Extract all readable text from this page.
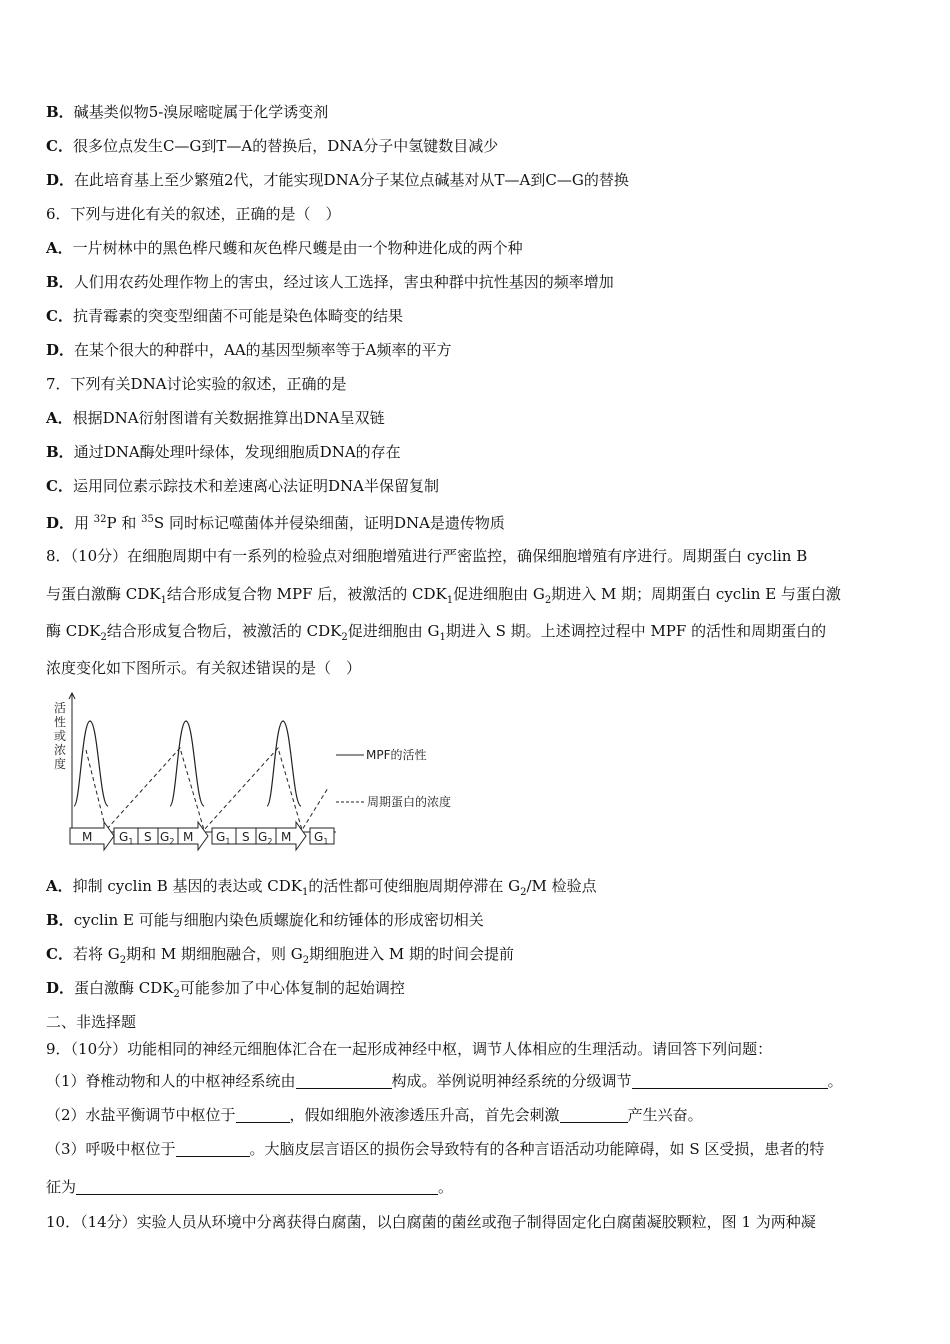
B．碱基类似物5-溴尿嘧啶属于化学诱变剂
C．很多位点发生C—G到T—A的替换后，DNA分子中氢键数目减少
D．在此培育基上至少繁殖2代，才能实现DNA分子某位点碱基对从T—A到C—G的替换
6．下列与进化有关的叙述，正确的是（　）
A．一片树林中的黑色桦尺蠖和灰色桦尺蠖是由一个物种进化成的两个种
B．人们用农药处理作物上的害虫，经过该人工选择，害虫种群中抗性基因的频率增加
C．抗青霉素的突变型细菌不可能是染色体畸变的结果
D．在某个很大的种群中，AA的基因型频率等于A频率的平方
7．下列有关DNA讨论实验的叙述，正确的是
A．根据DNA衍射图谱有关数据推算出DNA呈双链
B．通过DNA酶处理叶绿体，发现细胞质DNA的存在
C．运用同位素示踪技术和差速离心法证明DNA半保留复制
D．用 $^{32}$P 和 $^{35}$S 同时标记噬菌体并侵染细菌，证明DNA是遗传物质
8．（10分）在细胞周期中有一系列的检验点对细胞增殖进行严密监控，确保细胞增殖有序进行。周期蛋白 cyclin B
与蛋白激酶 $CDK_1$结合形成复合物 MPF 后，被激活的 $CDK_1$促进细胞由 $G_2$期进入 M 期；周期蛋白 cyclin E 与蛋白激
酶 $CDK_2$结合形成复合物后，被激活的 $CDK_2$促进细胞由 $G_1$期进入 S 期。上述调控过程中 MPF 的活性和周期蛋白的
浓度变化如下图所示。有关叙述错误的是（　）
活
性
或
浓
度
MPF的活性
周期蛋白的浓度
M $G_1$ S $G_2$ M $G_1$ S $G_2$ M $G_1$
A．抑制 cyclin B 基因的表达或 $CDK_1$的活性都可使细胞周期停滞在 $G_2/M$ 检验点
B．cyclin E 可能与细胞内染色质螺旋化和纺锤体的形成密切相关
C．若将 $G_2$期和 M 期细胞融合，则 $G_2$期细胞进入 M 期的时间会提前
D．蛋白激酶 $CDK_2$可能参加了中心体复制的起始调控
二、非选择题
9．（10分）功能相同的神经元细胞体汇合在一起形成神经中枢，调节人体相应的生理活动。请回答下列问题：
（1）脊椎动物和人的中枢神经系统由	构成。举例说明神经系统的分级调节	。
（2）水盐平衡调节中枢位于	，假如细胞外液渗透压升高，首先会刺激	产生兴奋。
（3）呼吸中枢位于	。大脑皮层言语区的损伤会导致特有的各种言语活动功能障碍，如 S 区受损，患者的特
征为	。
10．（14分）实验人员从环境中分离获得白腐菌，以白腐菌的菌丝或孢子制得固定化白腐菌凝胶颗粒，图 1 为两种凝
